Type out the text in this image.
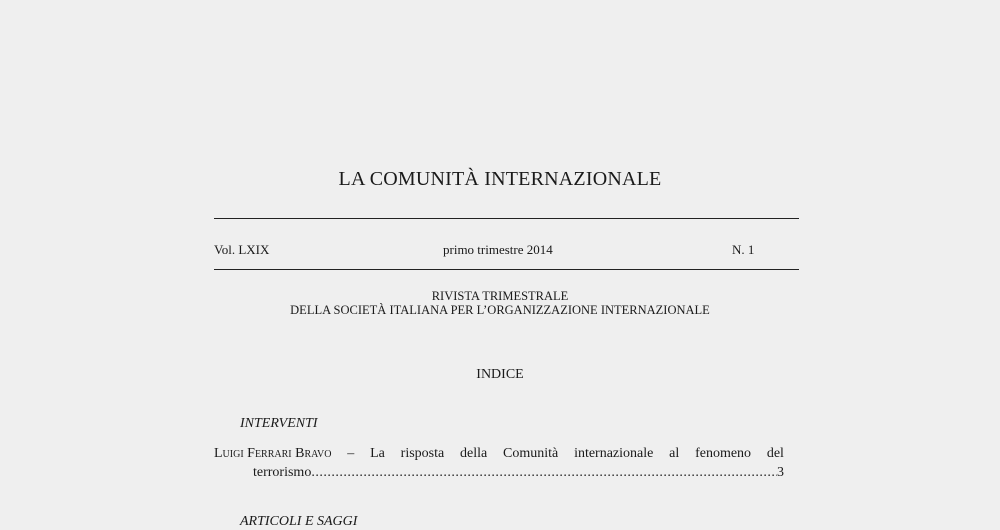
LA COMUNITÀ INTERNAZIONALE
Vol. LXIX	primo trimestre 2014	N. 1
RIVISTA TRIMESTRALE
DELLA SOCIETÀ ITALIANA PER L’ORGANIZZAZIONE INTERNAZIONALE
INDICE
INTERVENTI
Luigi Ferrari Bravo – La risposta della Comunità internazionale al fenomeno del
terrorismo
.....	3
ARTICOLI E SAGGI
